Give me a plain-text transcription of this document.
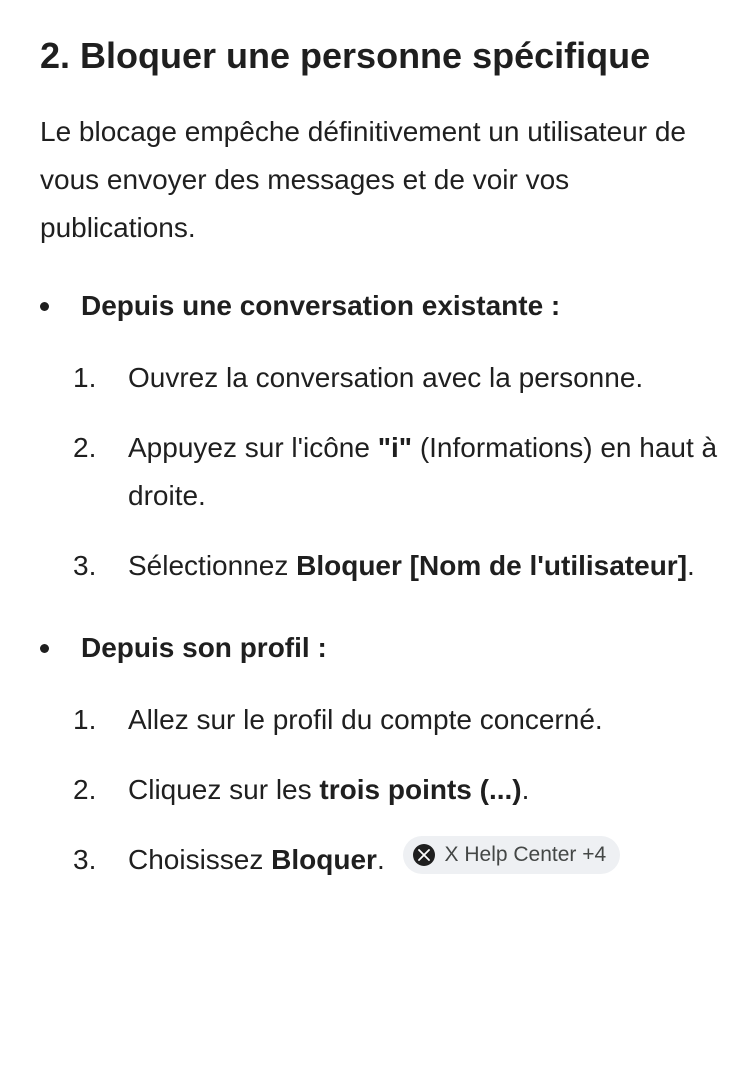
2. Bloquer une personne spécifique

Le blocage empêche définitivement un utilisateur de vous envoyer des messages et de voir vos publications.

Depuis une conversation existante :
1. Ouvrez la conversation avec la personne.
2. Appuyez sur l'icône "i" (Informations) en haut à droite.
3. Sélectionnez Bloquer [Nom de l'utilisateur].
Depuis son profil :
1. Allez sur le profil du compte concerné.
2. Cliquez sur les trois points (...).
3. Choisissez Bloquer.	X Help Center +4
